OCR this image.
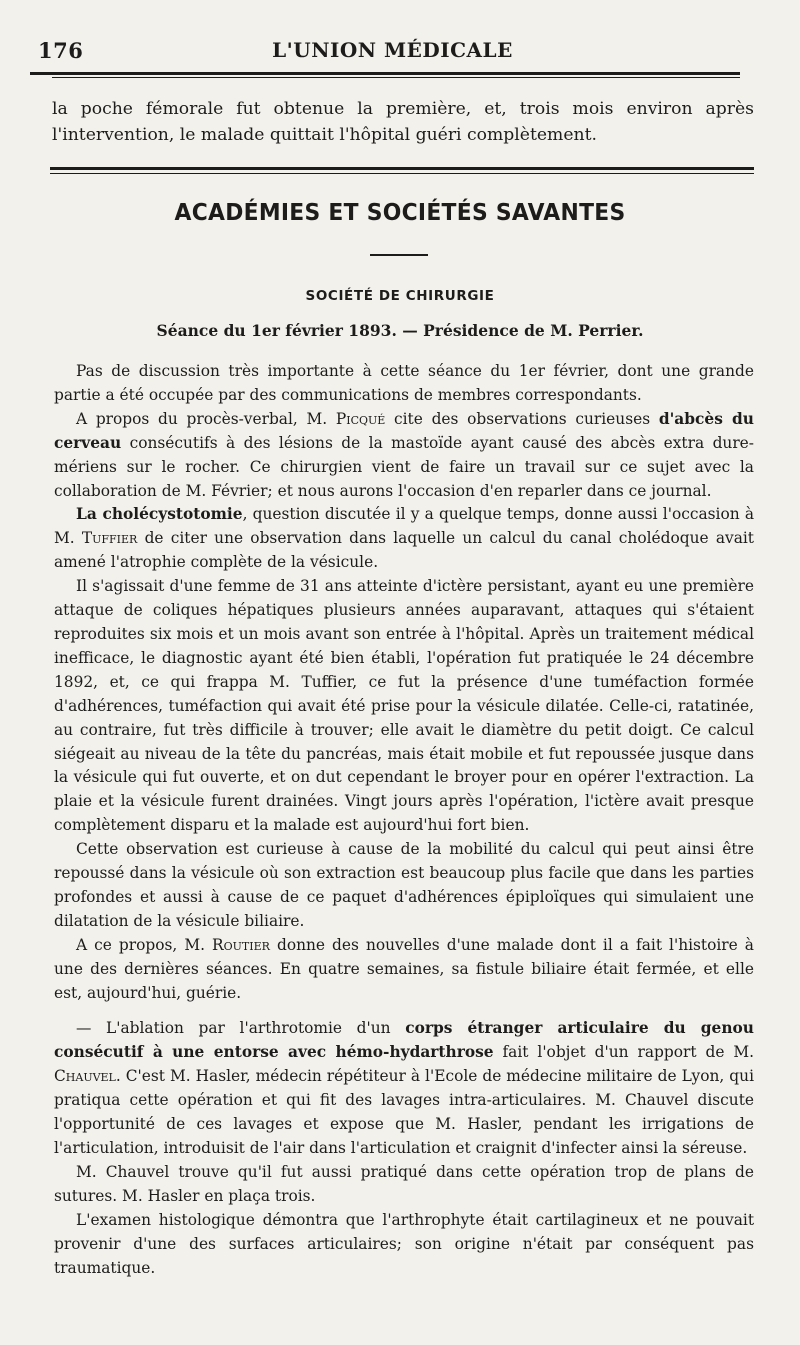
176	L'UNION MÉDICALE
la poche fémorale fut obtenue la première, et, trois mois environ après l'intervention, le malade quittait l'hôpital guéri complètement.
ACADÉMIES ET SOCIÉTÉS SAVANTES
SOCIÉTÉ DE CHIRURGIE
Séance du 1er février 1893. — Présidence de M. Perrier.

Pas de discussion très importante à cette séance du 1er février, dont une grande partie a été occupée par des communications de membres correspondants.

A propos du procès-verbal, M. Picqué cite des observations curieuses d'abcès du cerveau consécutifs à des lésions de la mastoïde ayant causé des abcès extra dure-mériens sur le rocher. Ce chirurgien vient de faire un travail sur ce sujet avec la collaboration de M. Février; et nous aurons l'occasion d'en reparler dans ce journal.

La cholécystotomie, question discutée il y a quelque temps, donne aussi l'occasion à M. Tuffier de citer une observation dans laquelle un calcul du canal cholédoque avait amené l'atrophie complète de la vésicule.

Il s'agissait d'une femme de 31 ans atteinte d'ictère persistant, ayant eu une première attaque de coliques hépatiques plusieurs années auparavant, attaques qui s'étaient reproduites six mois et un mois avant son entrée à l'hôpital. Après un traitement médical inefficace, le diagnostic ayant été bien établi, l'opération fut pratiquée le 24 décembre 1892, et, ce qui frappa M. Tuffier, ce fut la présence d'une tuméfaction formée d'adhérences, tuméfaction qui avait été prise pour la vésicule dilatée. Celle-ci, ratatinée, au contraire, fut très difficile à trouver; elle avait le diamètre du petit doigt. Ce calcul siégeait au niveau de la tête du pancréas, mais était mobile et fut repoussée jusque dans la vésicule qui fut ouverte, et on dut cependant le broyer pour en opérer l'extraction. La plaie et la vésicule furent drainées. Vingt jours après l'opération, l'ictère avait presque complètement disparu et la malade est aujourd'hui fort bien.

Cette observation est curieuse à cause de la mobilité du calcul qui peut ainsi être repoussé dans la vésicule où son extraction est beaucoup plus facile que dans les parties profondes et aussi à cause de ce paquet d'adhérences épiploïques qui simulaient une dilatation de la vésicule biliaire.

A ce propos, M. Routier donne des nouvelles d'une malade dont il a fait l'histoire à une des dernières séances. En quatre semaines, sa fistule biliaire était fermée, et elle est, aujourd'hui, guérie.

— L'ablation par l'arthrotomie d'un corps étranger articulaire du genou consécutif à une entorse avec hémo-hydarthrose fait l'objet d'un rapport de M. Chauvel. C'est M. Hasler, médecin répétiteur à l'Ecole de médecine militaire de Lyon, qui pratiqua cette opération et qui fit des lavages intra-articulaires. M. Chauvel discute l'opportunité de ces lavages et expose que M. Hasler, pendant les irrigations de l'articulation, introduisit de l'air dans l'articulation et craignit d'infecter ainsi la séreuse.

M. Chauvel trouve qu'il fut aussi pratiqué dans cette opération trop de plans de sutures. M. Hasler en plaça trois.

L'examen histologique démontra que l'arthrophyte était cartilagineux et ne pouvait provenir d'une des surfaces articulaires; son origine n'était par conséquent pas traumatique.
